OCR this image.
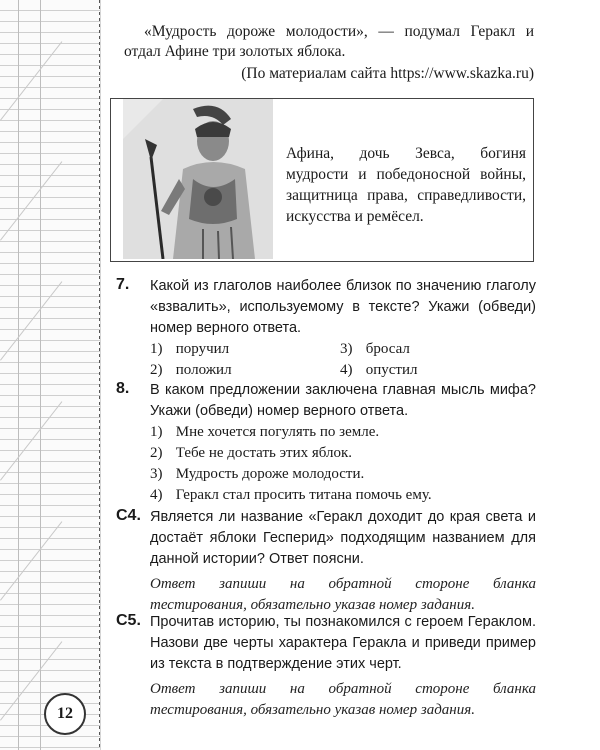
«Мудрость дороже молодости», — подумал Геракл и отдал Афине три золотых яблока.

(По материалам сайта https://www.skazka.ru)

Афина, дочь Зевса, богиня мудрости и победоносной войны, защитница права, справедливости, искусства и ремёсел.
7. Какой из глаголов наиболее близок по значению глаголу «взвалить», используемому в тексте? Укажи (обведи) номер верного ответа.
1) поручил	3) бросал
2) положил	4) опустил
8. В каком предложении заключена главная мысль мифа? Укажи (обведи) номер верного ответа.
1) Мне хочется погулять по земле.
2) Тебе не достать этих яблок.
3) Мудрость дороже молодости.
4) Геракл стал просить титана помочь ему.
С4. Является ли название «Геракл доходит до края света и достаёт яблоки Гесперид» подходящим названием для данной истории? Ответ поясни.
Ответ запиши на обратной стороне бланка тестирования, обязательно указав номер задания.
С5. Прочитав историю, ты познакомился с героем Гераклом. Назови две черты характера Геракла и приведи пример из текста в подтверждение этих черт.
Ответ запиши на обратной стороне бланка тестирования, обязательно указав номер задания.
12
